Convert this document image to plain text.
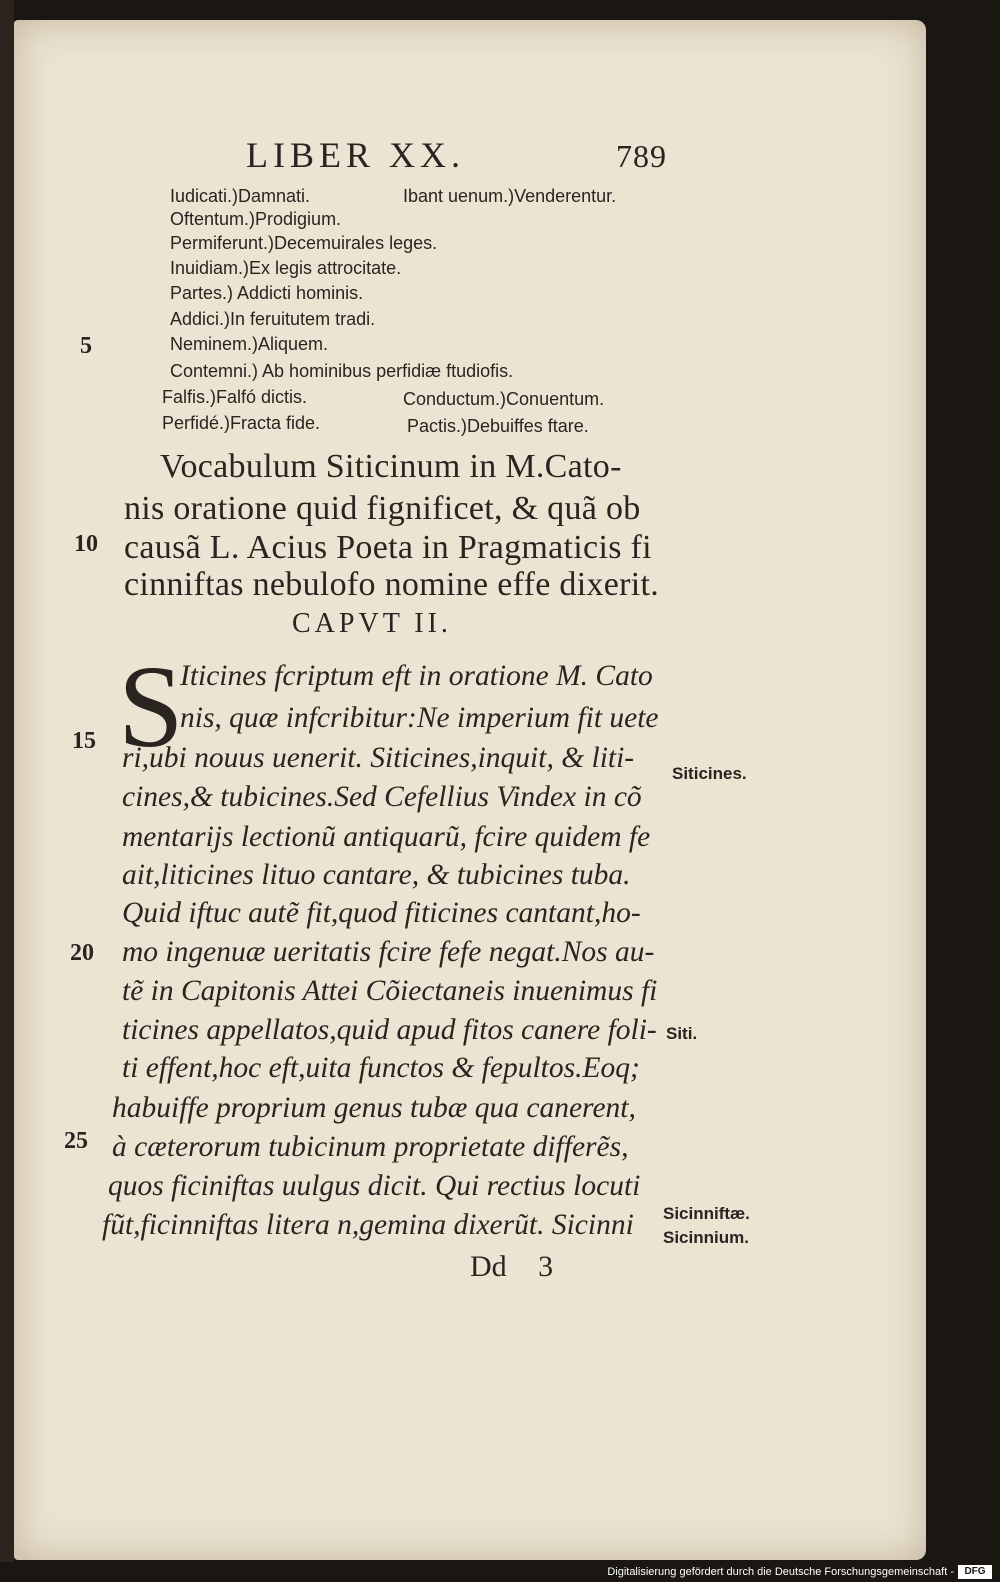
LIBER XX.	789
Iudicati.)Damnati.	Ibant uenum.)Venderentur.
Oftentum.)Prodigium.
Permiferunt.)Decemuirales leges.
Inuidiam.)Ex legis attrocitate.
Partes.) Addicti hominis.
Addici.)In feruitutem tradi.
Neminem.)Aliquem.
Contemni.) Ab hominibus perfidiæ ftudiofis.
Falfis.)Falfó dictis.	Conductum.)Conuentum.
Perfidé.)Fracta fide.	Pactis.)Debuiffes ftare.
Vocabulum Siticinum in M.Cato-
nis oratione quid fignificet, & quã ob
causã L. Acius Poeta in Pragmaticis fi
cinniftas nebulofo nomine effe dixerit.
CAPVT II.
S
Iticines fcriptum eft in oratione M. Cato
nis, quæ infcribitur:Ne imperium fit uete
ri,ubi nouus uenerit. Siticines,inquit, & liti-
cines,& tubicines.Sed Cefellius Vindex in cõ
mentarijs lectionũ antiquarũ, fcire quidem fe
ait,liticines lituo cantare, & tubicines tuba.
Quid iftuc autẽ fit,quod fiticines cantant,ho-
mo ingenuæ ueritatis fcire fefe negat.Nos au-
tẽ in Capitonis Attei Cõiectaneis inuenimus fi
ticines appellatos,quid apud fitos canere foli-
ti effent,hoc eft,uita functos & fepultos.Eoq;
habuiffe proprium genus tubæ qua canerent,
à cæterorum tubicinum proprietate differẽs,
quos ficiniftas uulgus dicit. Qui rectius locuti
fũt,ficinniftas litera n,gemina dixerũt. Sicinni
5
10
15
20
25
Siticines.
Siti.
Sicinniftæ.
Sicinnium.
Dd 3
Digitalisierung gefördert durch die Deutsche Forschungsgemeinschaft -	DFG
